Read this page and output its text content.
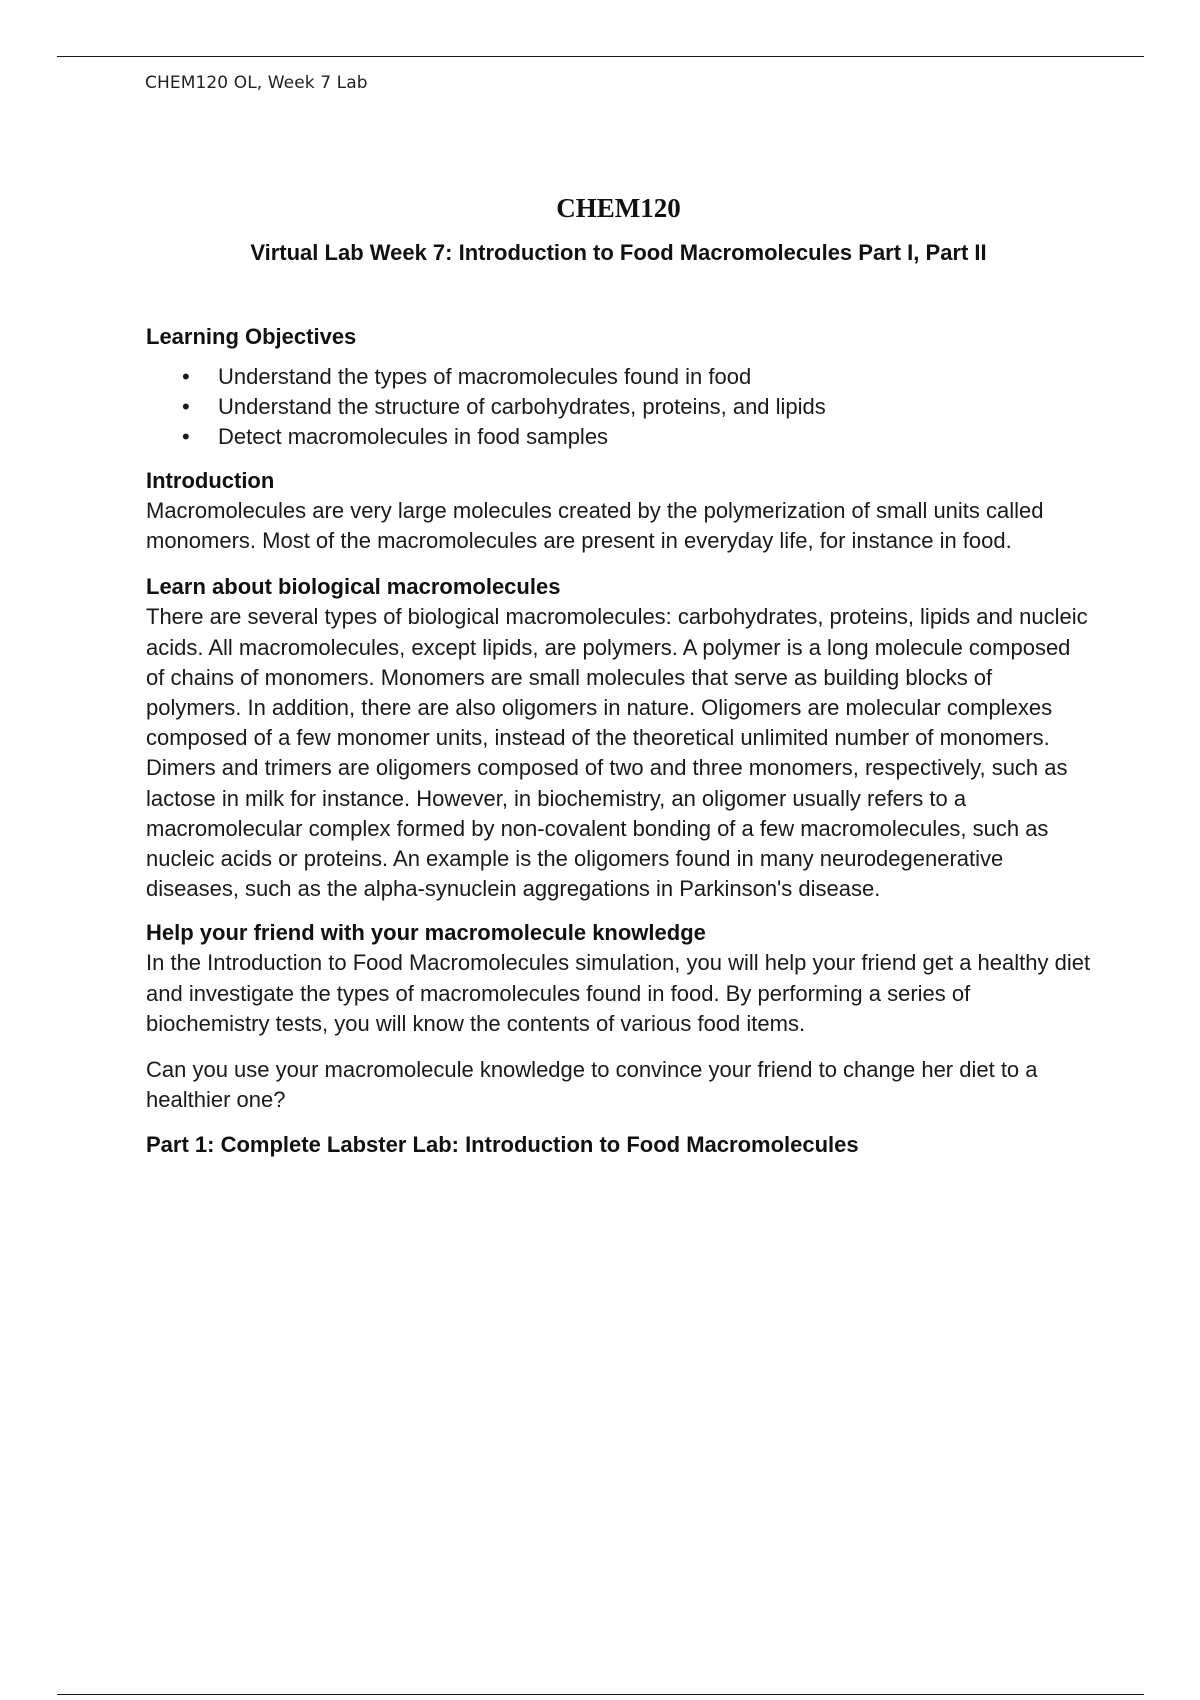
CHEM120 OL, Week 7 Lab
CHEM120
Virtual Lab Week 7: Introduction to Food Macromolecules Part I, Part II
Learning Objectives
•	Understand the types of macromolecules found in food
•	Understand the structure of carbohydrates, proteins, and lipids
•	Detect macromolecules in food samples
Introduction

Macromolecules are very large molecules created by the polymerization of small units called monomers. Most of the macromolecules are present in everyday life, for instance in food.

Learn about biological macromolecules

There are several types of biological macromolecules: carbohydrates, proteins, lipids and nucleic acids. All macromolecules, except lipids, are polymers. A polymer is a long molecule composed of chains of monomers. Monomers are small molecules that serve as building blocks of polymers. In addition, there are also oligomers in nature. Oligomers are molecular complexes composed of a few monomer units, instead of the theoretical unlimited number of monomers. Dimers and trimers are oligomers composed of two and three monomers, respectively, such as lactose in milk for instance. However, in biochemistry, an oligomer usually refers to a macromolecular complex formed by non-covalent bonding of a few macromolecules, such as nucleic acids or proteins. An example is the oligomers found in many neurodegenerative diseases, such as the alpha-synuclein aggregations in Parkinson's disease.

Help your friend with your macromolecule knowledge

In the Introduction to Food Macromolecules simulation, you will help your friend get a healthy diet and investigate the types of macromolecules found in food. By performing a series of biochemistry tests, you will know the contents of various food items.

Can you use your macromolecule knowledge to convince your friend to change her diet to a healthier one?

Part 1: Complete Labster Lab: Introduction to Food Macromolecules
